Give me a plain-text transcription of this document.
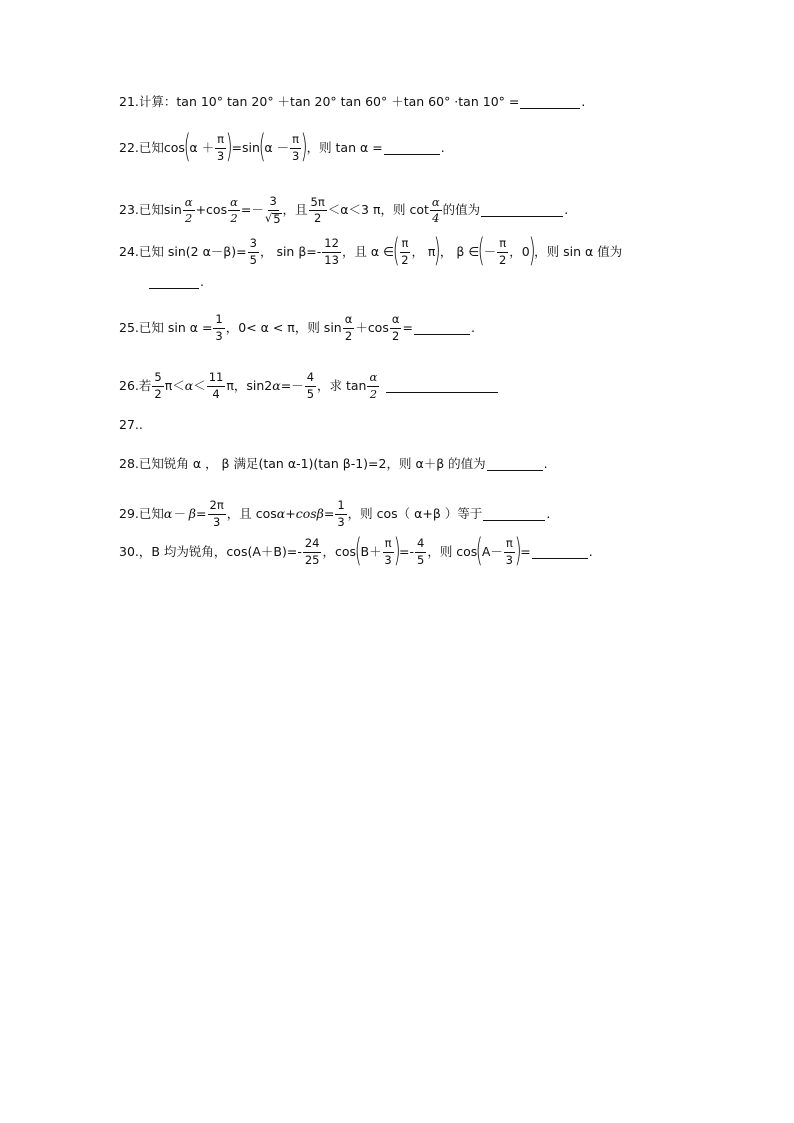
21.计算：tan 10° tan 20° ＋tan 20° tan 60° ＋tan 60° ·tan 10° =	.
22.已知cos
(
$\alpha + \frac{\pi}{3}$ )
=sin
(
$\alpha - \frac{\pi}{3}$ )
，则 tan α =	.
23.已知$\sin \frac{\alpha}{2} +\cos \frac{\alpha}{2} =- \frac{3}{√ 5}$ ，且 $\frac{5\pi}{2} < \alpha<3$ π，则 $\cot \frac{\alpha}{4}$ 的值为	.
24.已知 sin(2 $\alpha-\beta)= \frac{3}{5}$ ， $\sin \beta=- \frac{12}{13}$ ，且 α ∈
( $\frac{\pi}{2}$ ， π
)
， β ∈
(
－ $\frac{\pi}{2}$ ，0
)
，则 sin α 值为
.
25.已知 $\sin \alpha = \frac{1}{3}$ ，0< α < π，则 $\sin \frac{\alpha}{2} +\cos \frac{\alpha}{2}$ =	.
26.若 $\frac{5}{2} \pi< \alpha < \frac{11}{4}$ π，sin2 $\alpha =- \frac{4}{5}$ ，求 $\tan \frac{\alpha}{2}$
27..
28.已知锐角 α ， β 满足(tan α-1)(tan β-1)=2，则 α＋β 的值为	.
29.已知 $\alpha- \beta= \frac{2\pi}{3}$ ，且 cos α+cos $\beta= \frac{1}{3}$ ，则 cos（ α+β ）等于	.
30.，B 均为锐角，$\cos(A+B)=- \frac{24}{25}$ ，cos
(
$B+ \frac{\pi}{3}$ )
=- $\frac{4}{5}$ ，则 cos
(
$A- \frac{\pi}{3}$ )
=	.
